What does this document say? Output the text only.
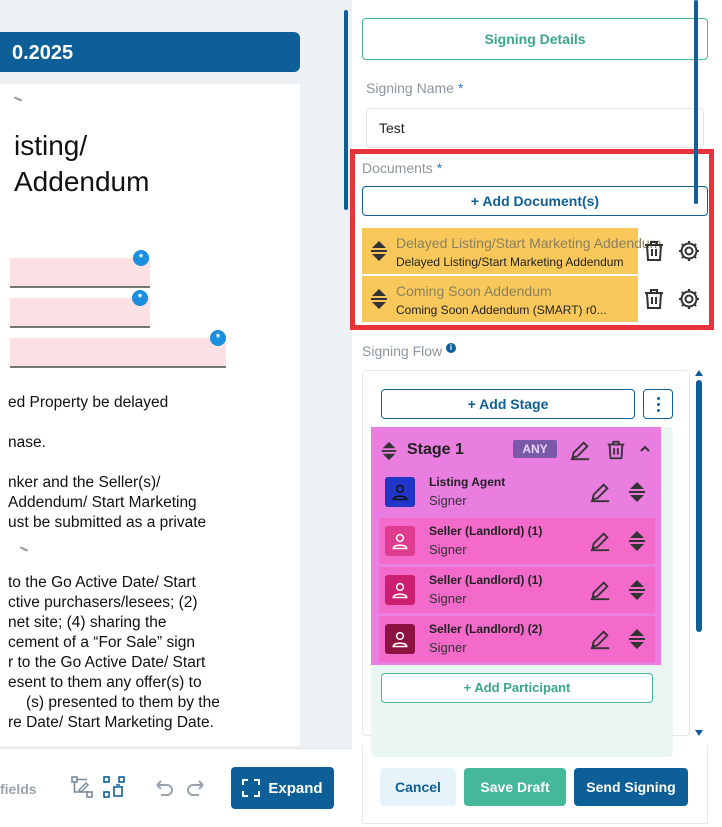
0.2025
isting/
Addendum
*
*
*
ed Property be delayed
nase.
nker and the Seller(s)/
Addendum/ Start Marketing
ust be submitted as a private
to the Go Active Date/ Start
ctive purchasers/lesees; (2)
net site; (4) sharing the
cement of a “For Sale” sign
r to the Go Active Date/ Start
esent to them any offer(s) to
(s) presented to them by the
re Date/ Start Marketing Date.
fields	Expand
Signing Details
Signing Name *
Test
Documents *
+ Add Document(s)
Delayed Listing/Start Marketing Addendum
Delayed Listing/Start Marketing Addendum
Coming Soon Addendum
Coming Soon Addendum (SMART) r0...
Signing Flow i
+ Add Stage
Stage 1	ANY
Listing Agent
Signer
Seller (Landlord) (1)
Signer
Seller (Landlord) (1)
Signer
Seller (Landlord) (2)
Signer
+ Add Participant
Cancel	Save Draft	Send Signing
